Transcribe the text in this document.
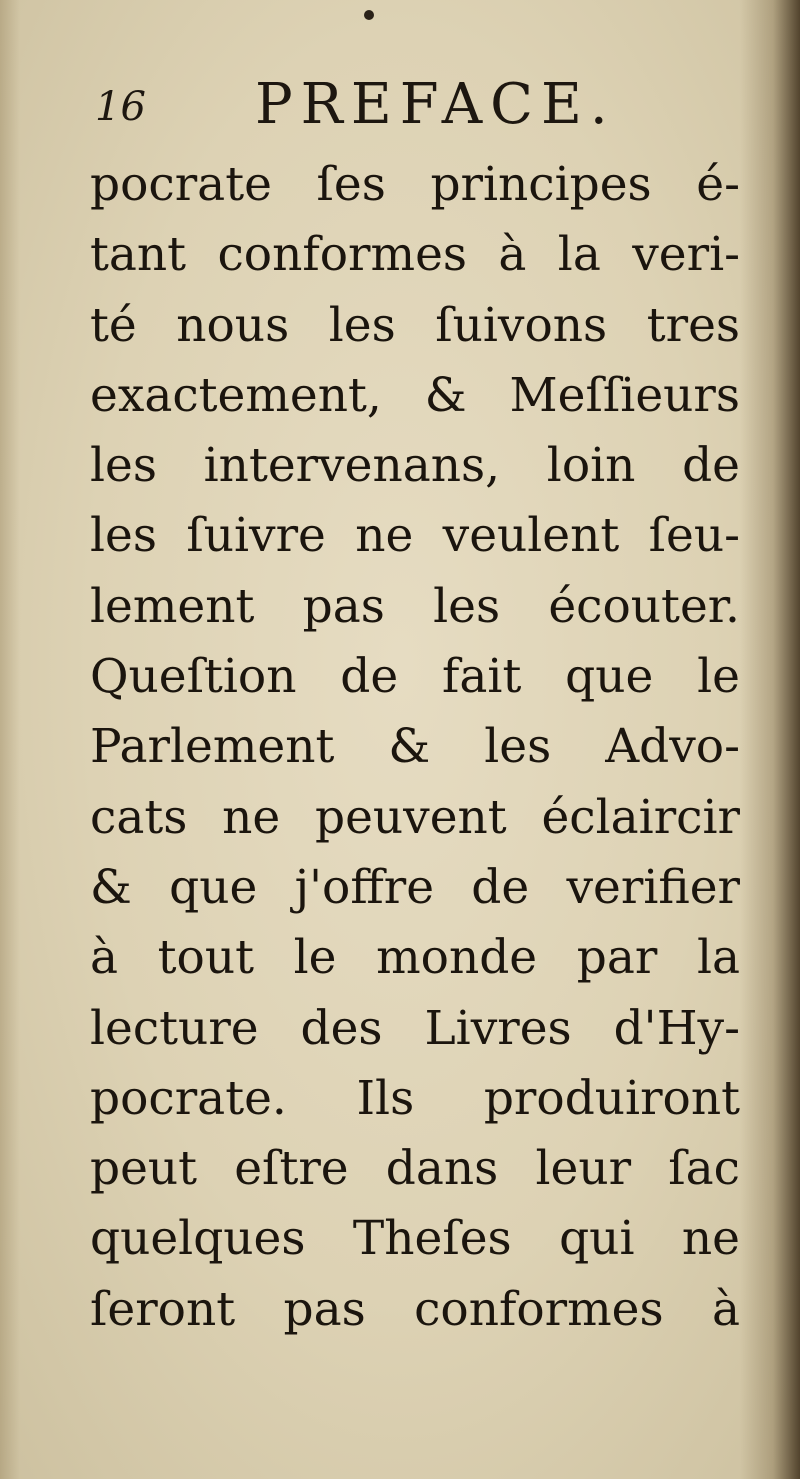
16 PREFACE.
pocrate ſes principes é-
tant conformes à la veri-
té nous les ſuivons tres
exactement, & Meſſieurs
les intervenans, loin de
les ſuivre ne veulent ſeu-
lement pas les écouter.
Queſtion de fait que le
Parlement & les Advo-
cats ne peuvent éclaircir
& que j'offre de verifier
à tout le monde par la
lecture des Livres d'Hy-
pocrate. Ils produiront
peut eſtre dans leur ſac
quelques Theſes qui ne
ſeront pas conformes à
